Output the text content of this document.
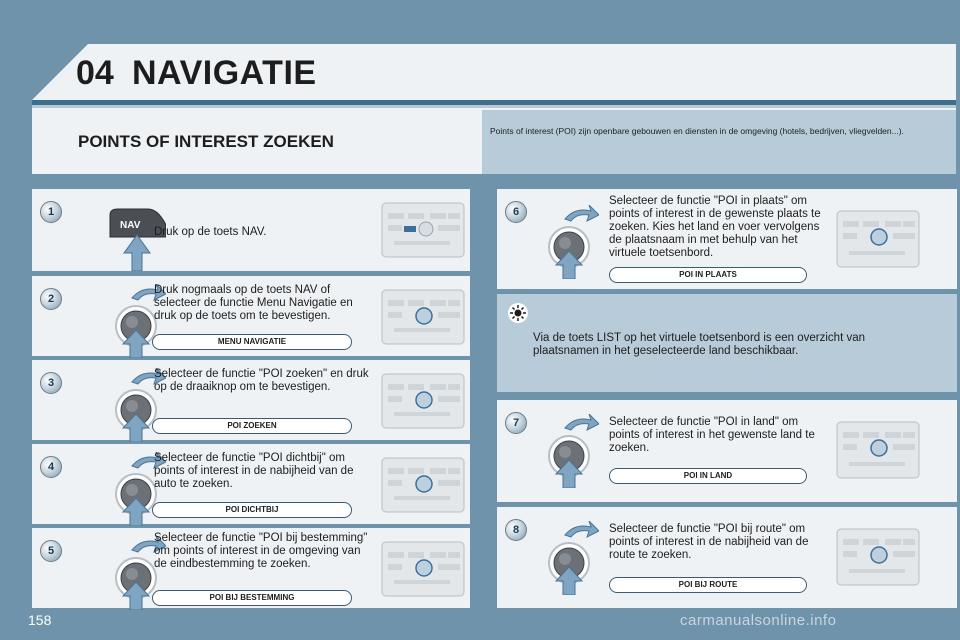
04 NAVIGATIE
POINTS OF INTEREST ZOEKEN
Points of interest (POI) zijn openbare gebouwen en diensten in de omgeving (hotels, bedrijven, vliegvelden...).
1
NAV
Druk op de toets NAV.
2
Druk nogmaals op de toets NAV of selecteer de functie Menu Navigatie en druk op de toets om te bevestigen.
MENU NAVIGATIE
3
Selecteer de functie "POI zoeken" en druk op de draaiknop om te bevestigen.
POI ZOEKEN
4
Selecteer de functie "POI dichtbij" om points of interest in de nabijheid van de auto te zoeken.
POI DICHTBIJ
5
Selecteer de functie "POI bij bestemming" om points of interest in de omgeving van de eindbestemming te zoeken.
POI BIJ BESTEMMING
6
Selecteer de functie "POI in plaats" om points of interest in de gewenste plaats te zoeken. Kies het land en voer vervolgens de plaatsnaam in met behulp van het virtuele toetsenbord.
POI IN PLAATS
Via de toets LIST op het virtuele toetsenbord is een overzicht van plaatsnamen in het geselecteerde land beschikbaar.
7	Selecteer de functie "POI in land" om points of interest in het gewenste land te zoeken.
POI IN LAND
8	Selecteer de functie "POI bij route" om points of interest in de nabijheid van de route te zoeken.
POI BIJ ROUTE
158	carmanualsonline.info
